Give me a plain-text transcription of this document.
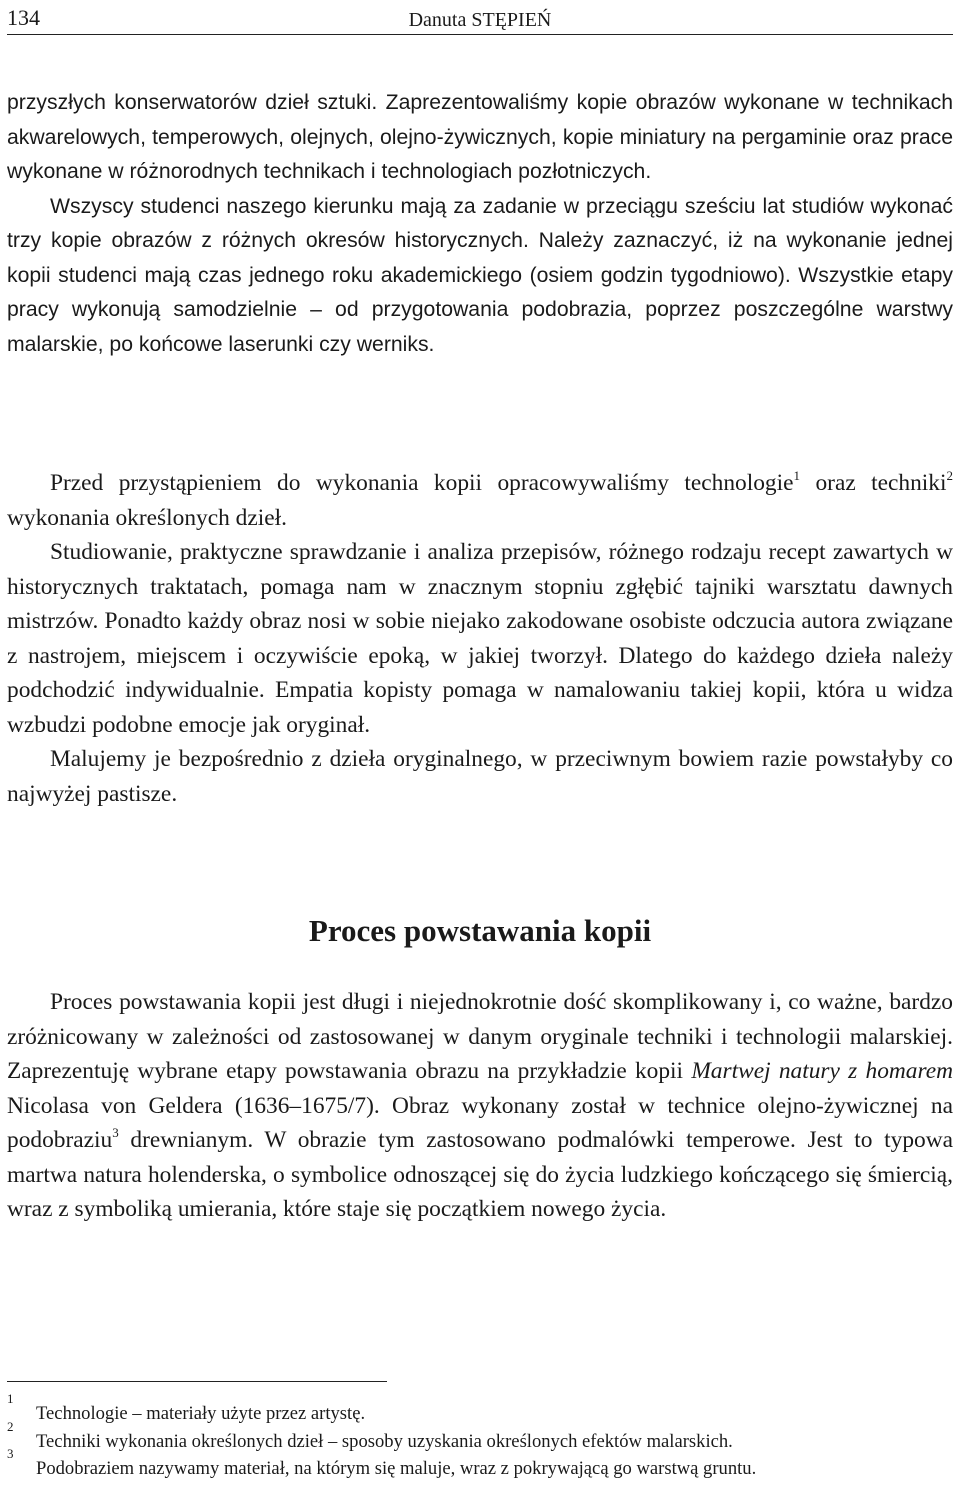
134	Danuta STĘPIEŃ

przyszłych konserwatorów dzieł sztuki. Zaprezentowaliśmy kopie obrazów wykonane w technikach akwarelowych, temperowych, olejnych, olejno-żywicznych, kopie miniatury na pergaminie oraz prace wykonane w różnorodnych technikach i technologiach pozłotniczych.

Wszyscy studenci naszego kierunku mają za zadanie w przeciągu sześciu lat studiów wykonać trzy kopie obrazów z różnych okresów historycznych. Należy zaznaczyć, iż na wykonanie jednej kopii studenci mają czas jednego roku akademickiego (osiem godzin tygodniowo). Wszystkie etapy pracy wykonują samodzielnie – od przygotowania podobrazia, poprzez poszczególne warstwy malarskie, po końcowe laserunki czy werniks.

Przed przystąpieniem do wykonania kopii opracowywaliśmy technologie$^1$ oraz techniki$^2$ wykonania określonych dzieł.

Studiowanie, praktyczne sprawdzanie i analiza przepisów, różnego rodzaju recept zawartych w historycznych traktatach, pomaga nam w znacznym stopniu zgłębić tajniki warsztatu dawnych mistrzów. Ponadto każdy obraz nosi w sobie niejako zakodowane osobiste odczucia autora związane z nastrojem, miejscem i oczywiście epoką, w jakiej tworzył. Dlatego do każdego dzieła należy podchodzić indywidualnie. Empatia kopisty pomaga w namalowaniu takiej kopii, która u widza wzbudzi podobne emocje jak oryginał.

Malujemy je bezpośrednio z dzieła oryginalnego, w przeciwnym bowiem razie powstałyby co najwyżej pastisze.

Proces powstawania kopii

Proces powstawania kopii jest długi i niejednokrotnie dość skomplikowany i, co ważne, bardzo zróżnicowany w zależności od zastosowanej w danym oryginale techniki i technologii malarskiej. Zaprezentuję wybrane etapy powstawania obrazu na przykładzie kopii Martwej natury z homarem Nicolasa von Geldera (1636–1675/7). Obraz wykonany został w technice olejno-żywicznej na podobraziu$^3$ drewnianym. W obrazie tym zastosowano podmalówki temperowe. Jest to typowa martwa natura holenderska, o symbolice odnoszącej się do życia ludzkiego kończącego się śmiercią, wraz z symboliką umierania, które staje się początkiem nowego życia.

1
Technologie – materiały użyte przez artystę.
2
Techniki wykonania określonych dzieł – sposoby uzyskania określonych efektów malarskich.
3
Podobraziem nazywamy materiał, na którym się maluje, wraz z pokrywającą go warstwą gruntu.
